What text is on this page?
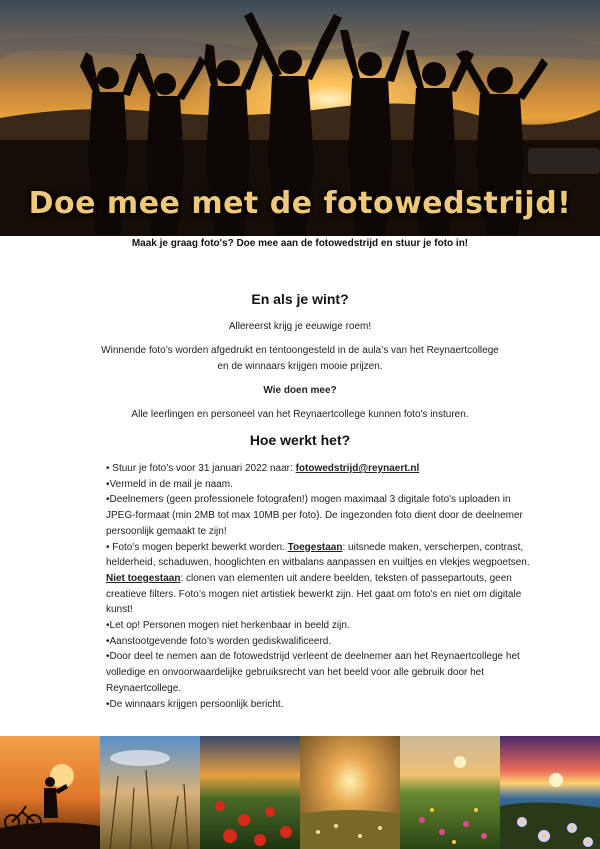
Doe mee met de fotowedstrijd!
Maak je graag foto's? Doe mee aan de fotowedstrijd en stuur je foto in!
En als je wint?

Allereerst krijg je eeuwige roem!

Winnende foto’s worden afgedrukt en tentoongesteld in de aula’s van het Reynaertcollege

en de winnaars krijgen mooie prijzen.

Wie doen mee?

Alle leerlingen en personeel van het Reynaertcollege kunnen foto's insturen.

Hoe werkt het?
• Stuur je foto’s voor 31 januari 2022 naar: fotowedstrijd@reynaert.nl
• Vermeld in de mail je naam.
• Deelnemers (geen professionele fotografen!) mogen maximaal 3 digitale foto's uploaden in JPEG-formaat (min 2MB tot max 10MB per foto). De ingezonden foto dient door de deelnemer persoonlijk gemaakt te zijn!
• Foto's mogen beperkt bewerkt worden. Toegestaan: uitsnede maken, verscherpen, contrast, helderheid, schaduwen, hooglichten en witbalans aanpassen en vuiltjes en vlekjes wegpoetsen. Niet toegestaan: clonen van elementen uit andere beelden, teksten of passepartouts, geen creatieve filters. Foto’s mogen niet artistiek bewerkt zijn. Het gaat om foto's en niet om digitale kunst!
• Let op! Personen mogen niet herkenbaar in beeld zijn.
• Aanstootgevende foto’s worden gediskwalificeerd.
• Door deel te nemen aan de fotowedstrijd verleent de deelnemer aan het Reynaertcollege het volledige en onvoorwaardelijke gebruiksrecht van het beeld voor alle gebruik door het Reynaertcollege.
• De winnaars krijgen persoonlijk bericht.
